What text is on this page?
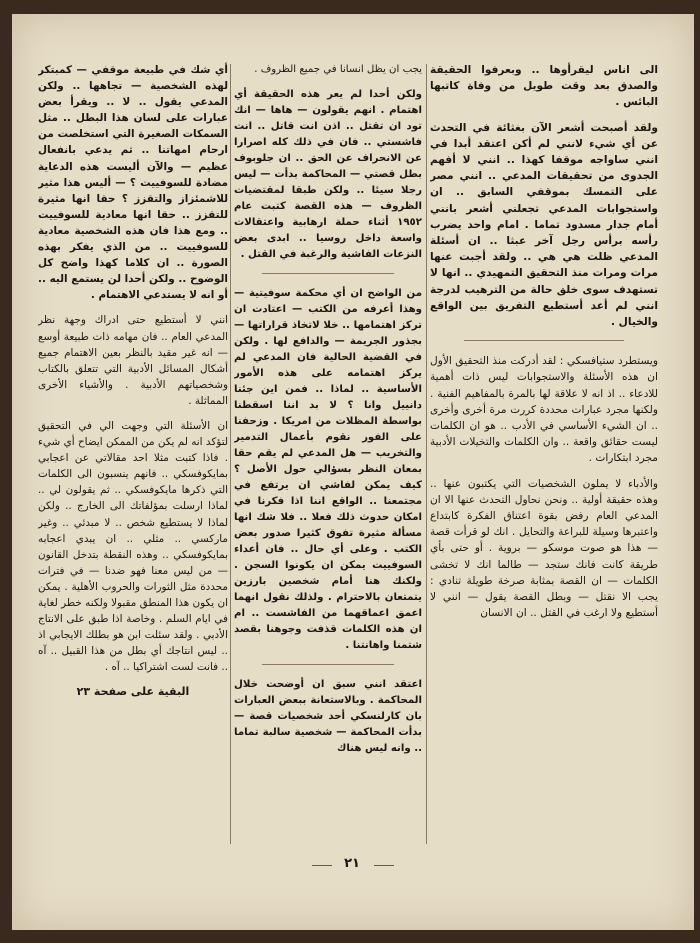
الى اناس ليقرأوها .. وبعرفوا الحقيقة والصدق بعد وقت طويل من وفاة كاتبها البائس .

ولقد أصبحت أشعر الآن بغثائة في التحدث عن أي شيء لانني لم أكن اعتقد أبدا في انني ساواجه موقفا كهذا .. انني لا أفهم الجدوى من تحقيقات المدعي .. انني مصر على التمسك بموقفي السابق .. ان واستجوابات المدعي تجعلني أشعر بانني أمام جدار مسدود تماما . امام واحد يضرب رأسه برأس رجل آخر عبثا .. ان أسئلة المدعي ظلت هي هي .. ولقد أجبت عنها مرات ومرات منذ التحقيق التمهيدي .. انها لا تستهدف سوى خلق حالة من الترهيب لدرجة انني لم أعد أستطيع التفريق بين الواقع والخيال .

ويستطرد ستيافسكي : لقد أدركت منذ التحقيق الأول ان هذه الأسئلة والاستجوابات ليس ذات أهمية للادعاء .. اذ انه لا علاقة لها بالمرة بالمفاهيم الفنية . ولكنها مجرد عبارات محددة كررت مرة أخرى وأخرى .. ان الشيء الأساسي في الأدب .. هو ان الكلمات ليست حقائق واقعة .. وان الكلمات والتخيلات الأدبية مجرد ابتكارات .

والأدباء لا يملون الشخصيات التي يكتبون عنها .. وهذه حقيقة أولية .. ونحن نحاول التحدث عنها الا ان المدعي العام رفض بقوة اعتناق الفكرة كابتداع واعتبرها وسيلة للبراعة والتحايل . انك لو قرأت قصة — هذا هو صوت موسكو — بروية . أو حتى بأي طريقة كانت فانك ستجد — طالما انك لا تخشى الكلمات — ان القصة بمثابة صرخة طويلة تنادي : يجب الا نقتل — وبطل القصة يقول — انني لا أستطيع ولا ارغب في القتل .. ان الانسان

يجب ان يظل انسانا في جميع الظروف .

ولكن أحدا لم يعر هذه الحقيقة أي اهتمام . انهم يقولون — هاها — انك تود ان تقتل .. اذن انت قاتل .. انت فاشستي .. فان في ذلك كله اصرارا عن الانحراف عن الحق .. ان جلوبوف بطل قصتي — المحاكمة بدأت — ليس رجلا سيئا .. ولكن طبقا لمقتضيات الظروف — هذه القصة كتبت عام ١٩٥٢ أثناء حملة ارهابية واعتقالات واسعة داخل روسيا .. ابدى بعض النزعات الفاشية والرغبة في القتل .

من الواضح ان أي محكمة سوفيتية — وهذا أعرفه من الكتب — اعتادت ان تركز اهتمامها .. خلا لاتخاذ قراراتها — بجذور الجريمة — والدافع لها . ولكن في القضية الحالية فان المدعي لم يركز اهتمامه على هذه الأمور الأساسية .. لماذا .. فمن اين جئنا دانييل وانا ؟ لا بد اننا اسقطنا بواسطة المظلات من امريكا . وزحفنا على الفور نقوم بأعمال التدمير والتخريب — هل المدعي لم يقم حقا بمعان النظر بسؤالي حول الأصل ؟ كيف يمكن لفاشي ان يرتفع في مجتمعنا .. الواقع اننا اذا فكرنا في امكان حدوث ذلك فعلا .. فلا شك انها مسألة مثيرة تفوق كثيرا صدور بعض الكتب . وعلى أي حال .. فان أعداء السوفييت يمكن ان يكونوا السجن . ولكنك هنا أمام شخصين بارزين يتمتعان بالاحترام . ولذلك نقول انهما اعمق اعماقهما من الفاشست .. ام ان هذه الكلمات قذفت وجوهنا بقصد شتمنا واهانتنا .

اعتقد انني سبق ان أوضحت خلال المحاكمة . وبالاستعانة ببعض العبارات بان كارلنسكي أحد شخصيات قصة — بدأت المحاكمة — شخصية سالبة تماما .. وانه ليس هناك

أي شك في طبيعة موقفي — كمبتكر لهذه الشخصية — تجاهها .. ولكن المدعي يقول .. لا .. ويقرأ بعض عبارات على لسان هذا البطل .. مثل السمكات الصغيرة التي استخلصت من ارحام امهاتنا .. ثم يدعي بانفعال عظيم — والآن أليست هذه الدعاية مضادة للسوفييت ؟ — أليس هذا مثير للاشمئزاز والتقزز ؟ حقا انها مثيرة للتقزز .. حقا انها معادية للسوفييت .. ومع هذا فان هذه الشخصية معادية للسوفييت .. من الذي يفكر بهذه الصورة .. ان كلاما كهذا واضح كل الوضوح .. ولكن أحدا لن يستمع اليه .. أو انه لا يستدعي الاهتمام .

انني لا أستطيع حتى ادراك وجهة نظر المدعي العام .. فان مهامه ذات طبيعة أوسع — انه غير مقيد بالنظر بعين الاهتمام جميع أشكال المسائل الأدبية التي تتعلق بالكتاب وشخصياتهم الأدبية . والأشياء الأخرى المماثلة .

ان الأسئلة التي وجهت الي في التحقيق لتؤكد انه لم يكن من الممكن ايضاح أي شيء . فاذا كتبت مثلا احد مقالاتي عن اعجابي بمايكوفسكي .. فانهم ينسبون الى الكلمات التي ذكرها مايكوفسكي .. ثم يقولون لي .. لماذا ارسلت بمؤلفاتك الى الخارج .. ولكن لماذا لا يستطيع شخص .. لا مبدئي .. وغير ماركسي .. مثلي .. ان يبدي اعجابه بمايكوفسكي .. وهذه النقطة بتدخل القانون — من ليس معنا فهو ضدنا — في فترات محددة مثل الثورات والحروب الأهلية . يمكن ان يكون هذا المنطق مقبولا ولكنه خطر لغاية في ايام السلم . وخاصة اذا طبق على الانتاج الأدبي . ولقد سئلت ابن هو بطلك الايجابي اذ .. ليس انتاجك أي بطل من هذا القبيل .. آه .. فانت لست اشتراكيا .. آه .

البقية على صفحة ٢٣
٢١
